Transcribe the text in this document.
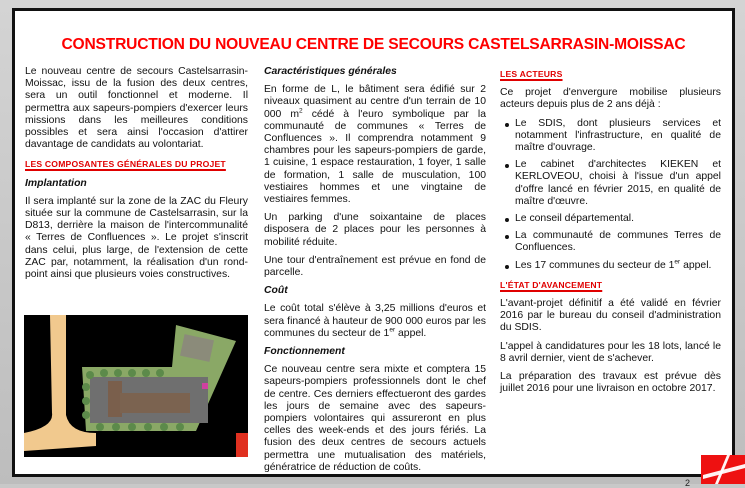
CONSTRUCTION DU NOUVEAU CENTRE DE SECOURS CASTELSARRASIN-MOISSAC

Le nouveau centre de secours Castelsarrasin-Moissac, issu de la fusion des deux centres, sera un outil fonctionnel et moderne. Il permettra aux sapeurs-pompiers d'exercer leurs missions dans les meilleures conditions possibles et sera ainsi l'occasion d'attirer davantage de candidats au volontariat.

LES COMPOSANTES GÉNÉRALES DU PROJET

Implantation

Il sera implanté sur la zone de la ZAC du Fleury située sur la commune de Castelsarrasin, sur la D813, derrière la maison de l'intercommunalité « Terres de Confluences ». Le projet s'inscrit dans celui, plus large, de l'extension de cette ZAC par, notamment, la réalisation d'un rond-point ainsi que plusieurs voies constructives.

Caractéristiques générales

En forme de L, le bâtiment sera édifié sur 2 niveaux quasiment au centre d'un terrain de 10 000 $m^2$ cédé à l'euro symbolique par la communauté de communes « Terres de Confluences ». Il comprendra notamment 9 chambres pour les sapeurs-pompiers de garde, 1 cuisine, 1 espace restauration, 1 foyer, 1 salle de formation, 1 salle de musculation, 100 vestiaires hommes et une vingtaine de vestiaires femmes.

Un parking d'une soixantaine de places disposera de 2 places pour les personnes à mobilité réduite.

Une tour d'entraînement est prévue en fond de parcelle.

Coût

Le coût total s'élève à 3,25 millions d'euros et sera financé à hauteur de 900 000 euros par les communes du secteur de 1er appel.

Fonctionnement

Ce nouveau centre sera mixte et comptera 15 sapeurs-pompiers professionnels dont le chef de centre. Ces derniers effectueront des gardes les jours de semaine avec des sapeurs-pompiers volontaires qui assureront en plus celles des week-ends et des jours fériés. La fusion des deux centres de secours actuels permettra une mutualisation des matériels, génératrice de réduction de coûts.

LES ACTEURS

Ce projet d'envergure mobilise plusieurs acteurs depuis plus de 2 ans déjà :

Le SDIS, dont plusieurs services et notamment l'infrastructure, en qualité de maître d'ouvrage.
Le cabinet d'architectes KIEKEN et KERLOVEOU, choisi à l'issue d'un appel d'offre lancé en février 2015, en qualité de maître d'œuvre.
Le conseil départemental.
La communauté de communes Terres de Confluences.
Les 17 communes du secteur de 1er appel.
L'ÉTAT D'AVANCEMENT

L'avant-projet définitif a été validé en février 2016 par le bureau du conseil d'administration du SDIS.

L'appel à candidatures pour les 18 lots, lancé le 8 avril dernier, vient de s'achever.

La préparation des travaux est prévue dès juillet 2016 pour une livraison en octobre 2017.

2
